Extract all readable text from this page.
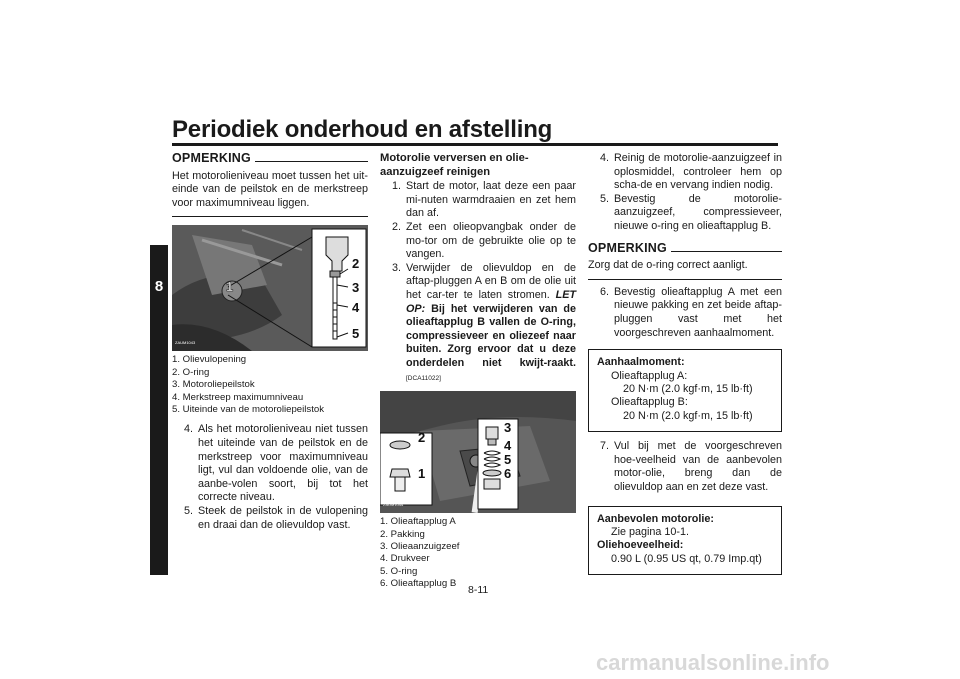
Periodiek onderhoud en afstelling
8
OPMERKING
Het motorolieniveau moet tussen het uit-einde van de peilstok en de merkstreep voor maximumniveau liggen.
1
2
3
4
5
ZAUM1043
1. Olievulopening
2. O-ring
3. Motoroliepeilstok
4. Merkstreep maximumniveau
5. Uiteinde van de motoroliepeilstok
4. Als het motorolieniveau niet tussen het uiteinde van de peilstok en de merkstreep voor maximumniveau ligt, vul dan voldoende olie, van de aanbe-volen soort, bij tot het correcte niveau.
5. Steek de peilstok in de vulopening en draai dan de olievuldop vast.
Motorolie verversen en olie-aanzuigzeef reinigen
1. Start de motor, laat deze een paar mi-nuten warmdraaien en zet hem dan af.
2. Zet een olieopvangbak onder de mo-tor om de gebruikte olie op te vangen.
3. Verwijder de olievuldop en de aftap-pluggen A en B om de olie uit het car-ter te laten stromen. LET OP: Bij het verwijderen van de olieaftapplug B vallen de O-ring, compressieveer en oliezeef naar buiten. Zorg ervoor dat u deze onderdelen niet kwijt-raakt. [DCA11022]
2
1
3
4
5
6
ZAUM1044
1. Olieaftapplug A
2. Pakking
3. Olieaanzuigzeef
4. Drukveer
5. O-ring
6. Olieaftapplug B
4. Reinig de motorolie-aanzuigzeef in oplosmiddel, controleer hem op scha-de en vervang indien nodig.
5. Bevestig de motorolie-aanzuigzeef, compressieveer, nieuwe o-ring en olieaftapplug B.
OPMERKING
Zorg dat de o-ring correct aanligt.
6. Bevestig olieaftapplug A met een nieuwe pakking en zet beide aftap-pluggen vast met het voorgeschreven aanhaalmoment.
Aanhaalmoment:
Olieaftapplug A:
20 N·m (2.0 kgf·m, 15 lb·ft)
Olieaftapplug B:
20 N·m (2.0 kgf·m, 15 lb·ft)
7. Vul bij met de voorgeschreven hoe-veelheid van de aanbevolen motor-olie, breng dan de olievuldop aan en zet deze vast.
Aanbevolen motorolie:
Zie pagina 10-1.
Oliehoeveelheid:
0.90 L (0.95 US qt, 0.79 Imp.qt)
8-11
carmanualsonline.info
